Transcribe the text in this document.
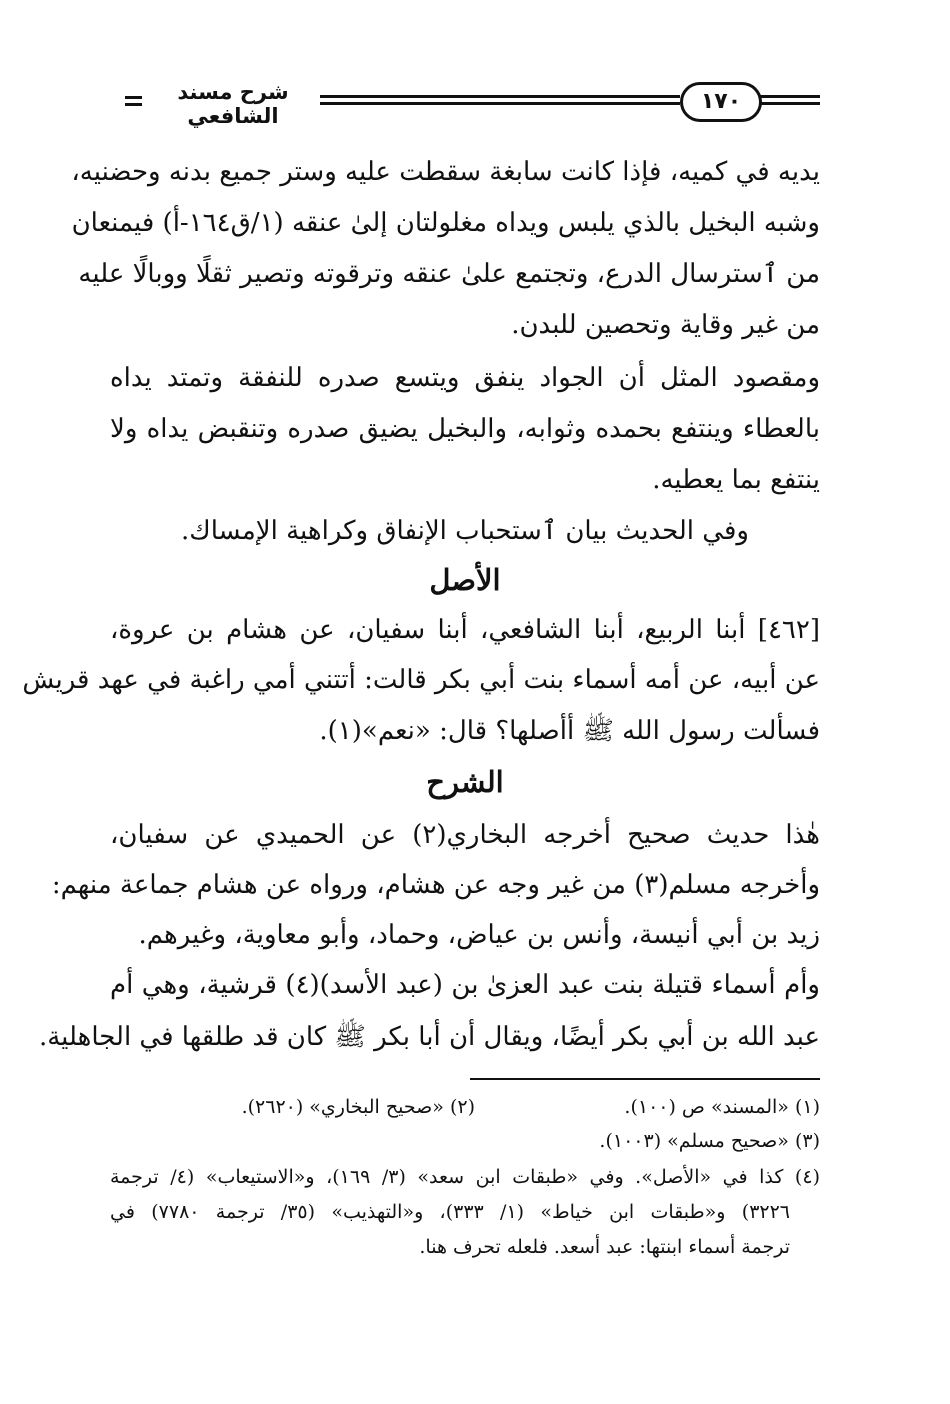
شرح مسند الشافعي
١٧٠
يديه في كميه، فإذا كانت سابغة سقطت عليه وستر جميع بدنه وحضنيه،
وشبه البخيل بالذي يلبس ويداه مغلولتان إلىٰ عنقه (١/ق١٦٤-أ) فيمنعان
من ٱسترسال الدرع، وتجتمع علىٰ عنقه وترقوته وتصير ثقلًا ووبالًا عليه
من غير وقاية وتحصين للبدن.
ومقصود المثل أن الجواد ينفق ويتسع صدره للنفقة وتمتد يداه
بالعطاء وينتفع بحمده وثوابه، والبخيل يضيق صدره وتنقبض يداه ولا
ينتفع بما يعطيه.
وفي الحديث بيان ٱستحباب الإنفاق وكراهية الإمساك.
الأصل
[٤٦٢] أبنا الربيع، أبنا الشافعي، أبنا سفيان، عن هشام بن عروة،
عن أبيه، عن أمه أسماء بنت أبي بكر قالت: أتتني أمي راغبة في عهد قريش
فسألت رسول الله ﷺ أأصلها؟ قال: «نعم»(١).
الشرح
هٰذا حديث صحيح أخرجه البخاري(٢) عن الحميدي عن سفيان،
وأخرجه مسلم(٣) من غير وجه عن هشام، ورواه عن هشام جماعة منهم:
زيد بن أبي أنيسة، وأنس بن عياض، وحماد، وأبو معاوية، وغيرهم.
وأم أسماء قتيلة بنت عبد العزىٰ بن (عبد الأسد)(٤) قرشية، وهي أم
عبد الله بن أبي بكر أيضًا، ويقال أن أبا بكر ﷺ كان قد طلقها في الجاهلية.
(١) «المسند» ص (١٠٠).
(٢) «صحيح البخاري» (٢٦٢٠).
(٣) «صحيح مسلم» (١٠٠٣).
(٤) كذا في «الأصل». وفي «طبقات ابن سعد» (٣/ ١٦٩)، و«الاستيعاب» (٤/ ترجمة
٣٢٢٦) و«طبقات ابن خياط» (١/ ٣٣٣)، و«التهذيب» (٣٥/ ترجمة ٧٧٨٠) في
ترجمة أسماء ابنتها: عبد أسعد. فلعله تحرف هنا.
